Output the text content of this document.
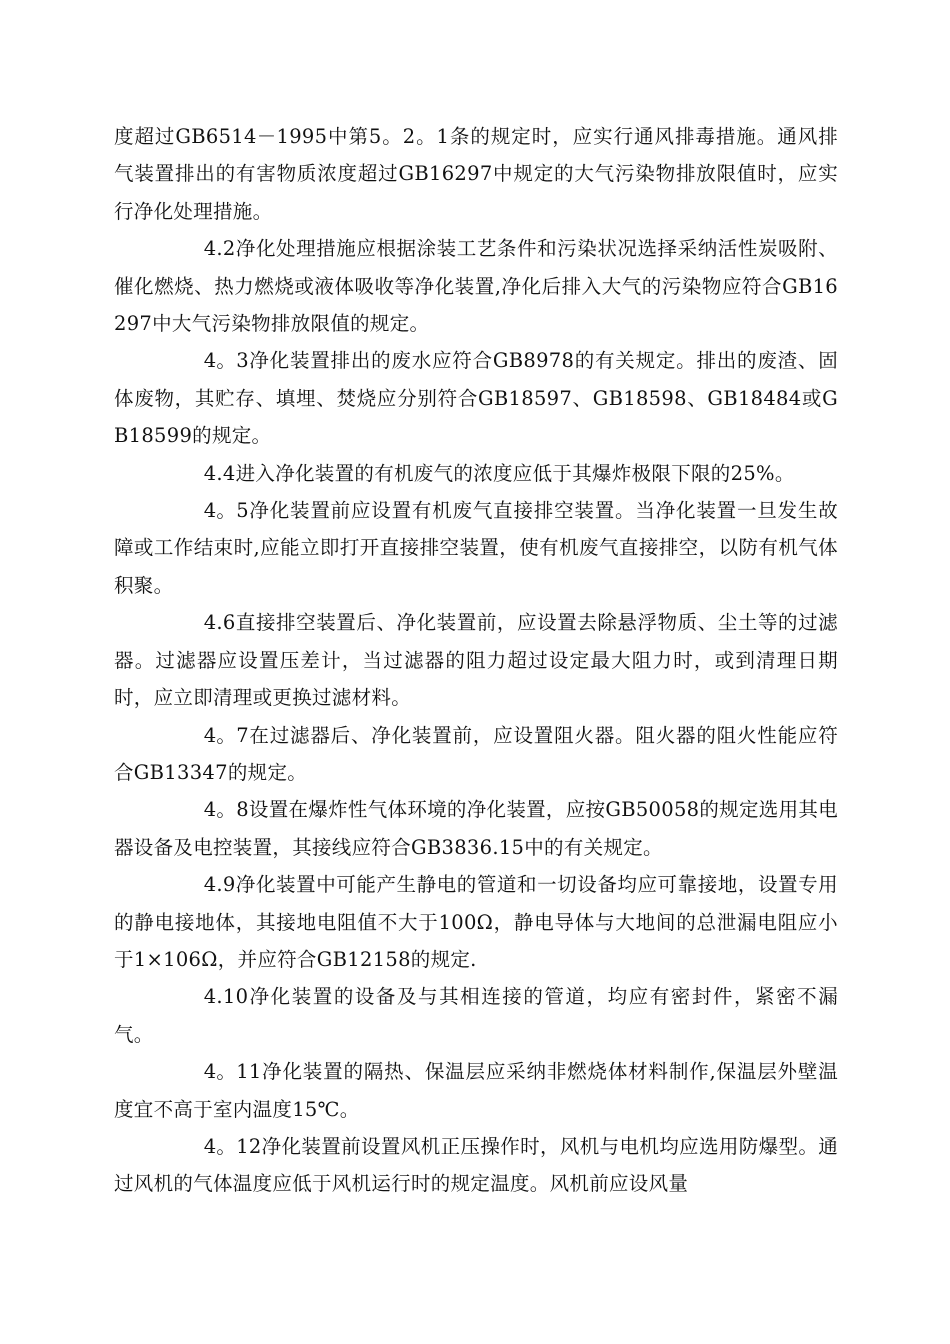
度超过GB6514－1995中第5。2。1条的规定时，应实行通风排毒措施。通风排气装置排出的有害物质浓度超过GB16297中规定的大气污染物排放限值时，应实行净化处理措施。

4.2净化处理措施应根据涂装工艺条件和污染状况选择采纳活性炭吸附、催化燃烧、热力燃烧或液体吸收等净化装置,净化后排入大气的污染物应符合GB16297中大气污染物排放限值的规定。

4。3净化装置排出的废水应符合GB8978的有关规定。排出的废渣、固体废物，其贮存、填埋、焚烧应分别符合GB18597、GB18598、GB18484或GB18599的规定。

4.4进入净化装置的有机废气的浓度应低于其爆炸极限下限的25%。

4。5净化装置前应设置有机废气直接排空装置。当净化装置一旦发生故障或工作结束时,应能立即打开直接排空装置，使有机废气直接排空，以防有机气体积聚。

4.6直接排空装置后、净化装置前，应设置去除悬浮物质、尘土等的过滤器。过滤器应设置压差计，当过滤器的阻力超过设定最大阻力时，或到清理日期时，应立即清理或更换过滤材料。

4。7在过滤器后、净化装置前，应设置阻火器。阻火器的阻火性能应符合GB13347的规定。

4。8设置在爆炸性气体环境的净化装置，应按GB50058的规定选用其电器设备及电控装置，其接线应符合GB3836.15中的有关规定。

4.9净化装置中可能产生静电的管道和一切设备均应可靠接地，设置专用的静电接地体，其接地电阻值不大于100Ω，静电导体与大地间的总泄漏电阻应小于1×106Ω，并应符合GB12158的规定.

4.10净化装置的设备及与其相连接的管道，均应有密封件，紧密不漏气。

4。11净化装置的隔热、保温层应采纳非燃烧体材料制作,保温层外壁温度宜不高于室内温度15℃。

4。12净化装置前设置风机正压操作时，风机与电机均应选用防爆型。通过风机的气体温度应低于风机运行时的规定温度。风机前应设风量
